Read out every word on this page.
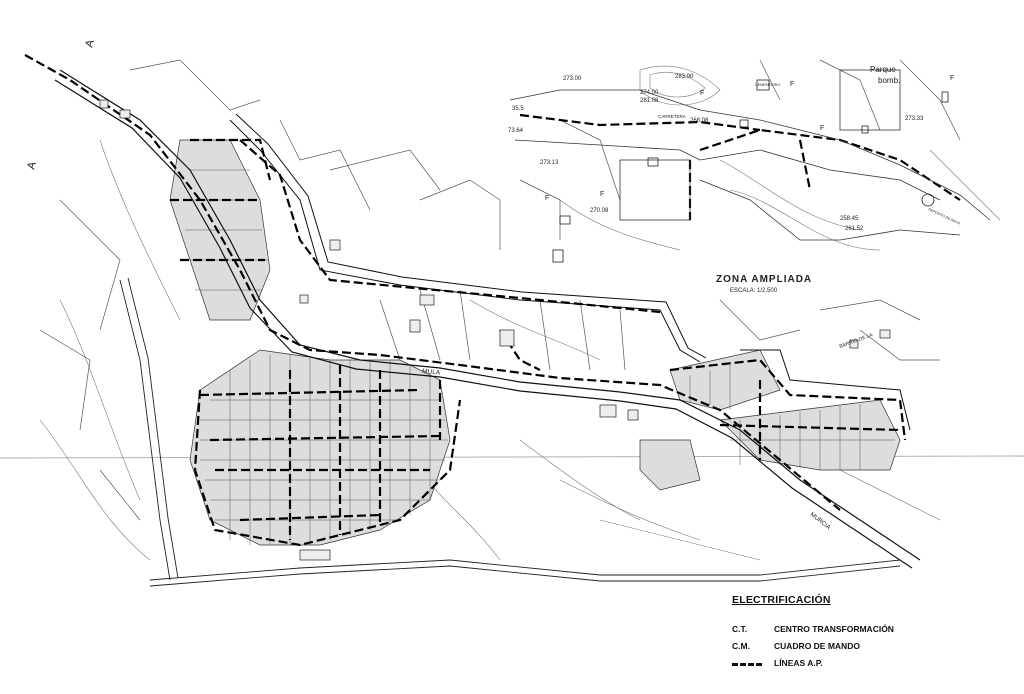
ZONA AMPLIADA
ESCALA: 1/2.500
MULA
MURCIA
CARRETERA
BARRIO DE LA
Parque
bomb.
CEMENTERIO
DEPOSITO DE AGUA
273.00	283.00
274.00
281.08
35.5
268.08
73.64
273.33
270.08
258.45
261.52
273.13
A
A
F
F
F
F
F
F
ELECTRIFICACIÓN
C.T.	CENTRO TRANSFORMACIÓN
C.M.	CUADRO DE MANDO
LÍNEAS A.P.
